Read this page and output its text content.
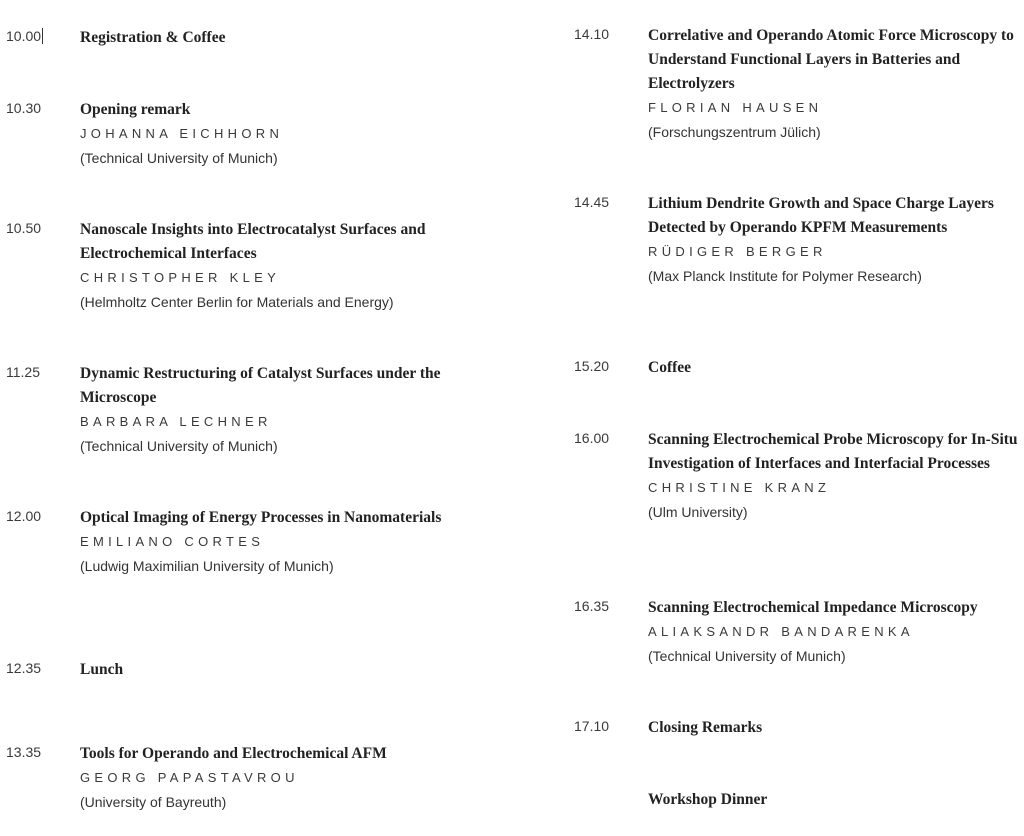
10.00	Registration & Coffee
10.30	Opening remark
JOHANNA EICHHORN
(Technical University of Munich)
10.50	Nanoscale Insights into Electrocatalyst Surfaces and Electrochemical Interfaces
CHRISTOPHER KLEY
(Helmholtz Center Berlin for Materials and Energy)
11.25	Dynamic Restructuring of Catalyst Surfaces under the Microscope
BARBARA LECHNER
(Technical University of Munich)
12.00	Optical Imaging of Energy Processes in Nanomaterials
EMILIANO CORTES
(Ludwig Maximilian University of Munich)
12.35	Lunch
13.35	Tools for Operando and Electrochemical AFM
GEORG PAPASTAVROU
(University of Bayreuth)
14.10	Correlative and Operando Atomic Force Microscopy to Understand Functional Layers in Batteries and Electrolyzers
FLORIAN HAUSEN
(Forschungszentrum Jülich)
14.45	Lithium Dendrite Growth and Space Charge Layers Detected by Operando KPFM Measurements
RÜDIGER BERGER
(Max Planck Institute for Polymer Research)
15.20	Coffee
16.00	Scanning Electrochemical Probe Microscopy for In-Situ Investigation of Interfaces and Interfacial Processes
CHRISTINE KRANZ
(Ulm University)
16.35	Scanning Electrochemical Impedance Microscopy
ALIAKSANDR BANDARENKA
(Technical University of Munich)
17.10	Closing Remarks
Workshop Dinner
